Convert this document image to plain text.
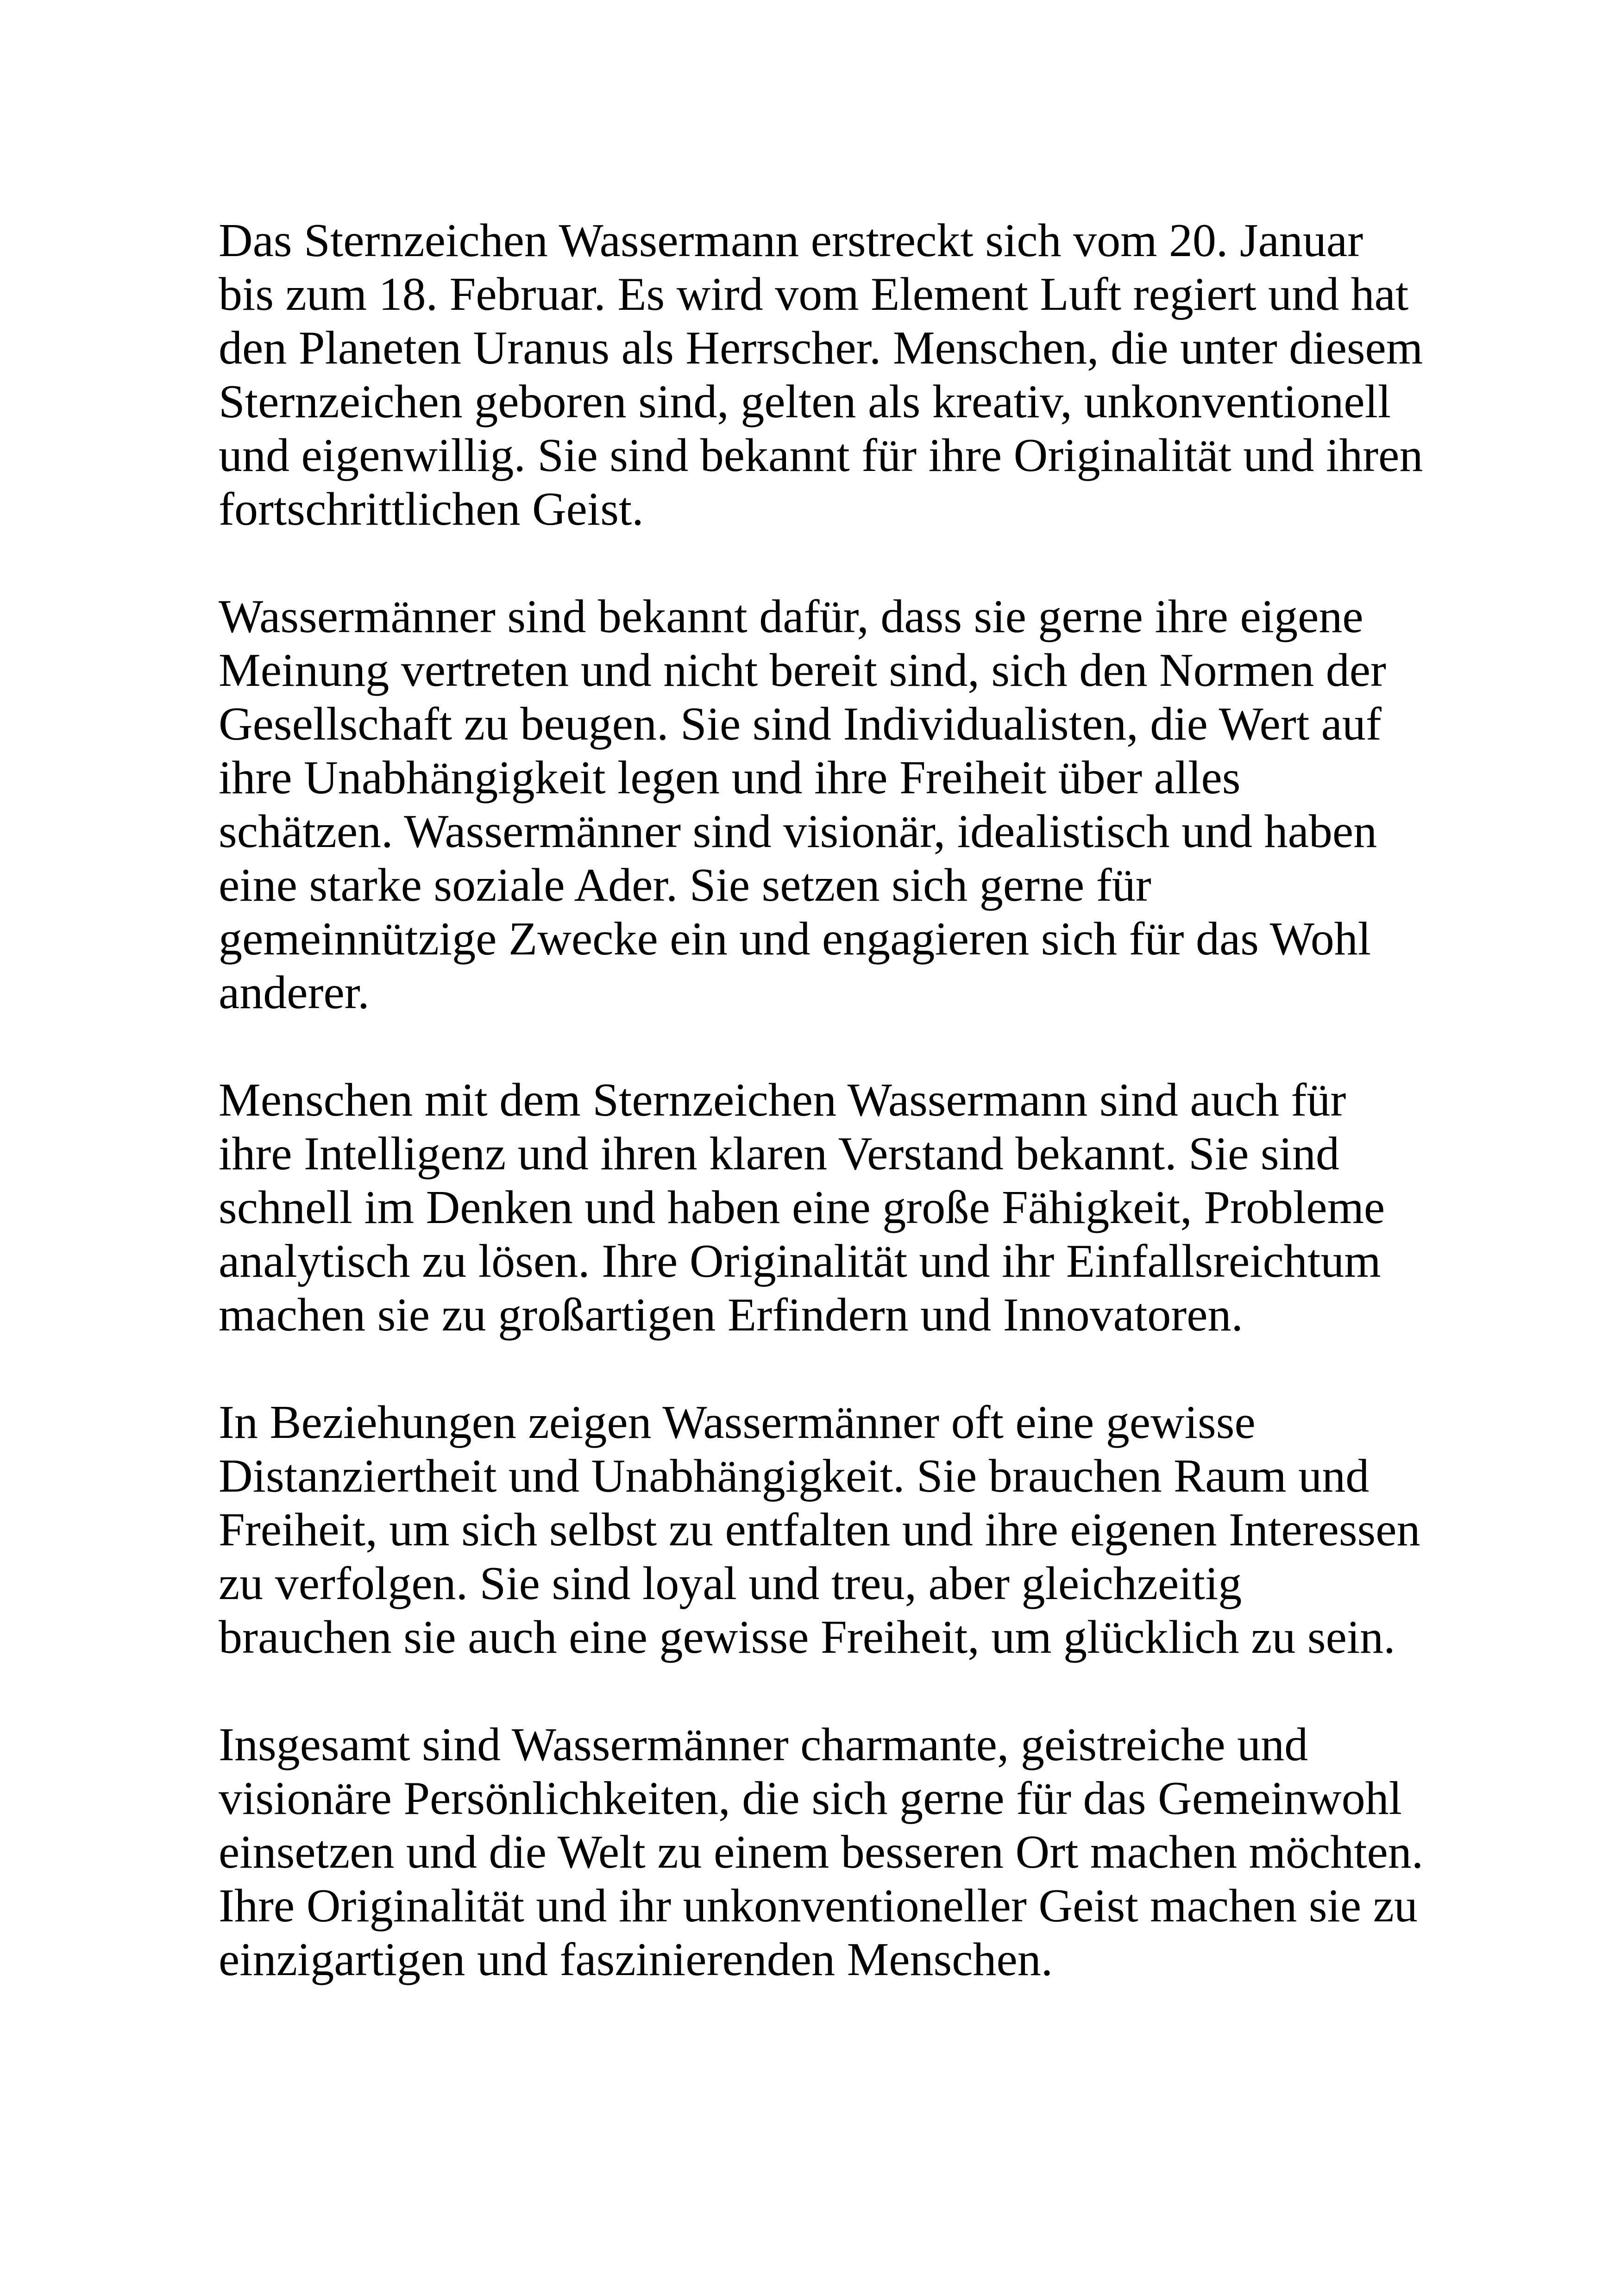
Das Sternzeichen Wassermann erstreckt sich vom 20. Januar
bis zum 18. Februar. Es wird vom Element Luft regiert und hat
den Planeten Uranus als Herrscher. Menschen, die unter diesem
Sternzeichen geboren sind, gelten als kreativ, unkonventionell
und eigenwillig. Sie sind bekannt für ihre Originalität und ihren
fortschrittlichen Geist.

Wassermänner sind bekannt dafür, dass sie gerne ihre eigene
Meinung vertreten und nicht bereit sind, sich den Normen der
Gesellschaft zu beugen. Sie sind Individualisten, die Wert auf
ihre Unabhängigkeit legen und ihre Freiheit über alles
schätzen. Wassermänner sind visionär, idealistisch und haben
eine starke soziale Ader. Sie setzen sich gerne für
gemeinnützige Zwecke ein und engagieren sich für das Wohl
anderer.

Menschen mit dem Sternzeichen Wassermann sind auch für
ihre Intelligenz und ihren klaren Verstand bekannt. Sie sind
schnell im Denken und haben eine große Fähigkeit, Probleme
analytisch zu lösen. Ihre Originalität und ihr Einfallsreichtum
machen sie zu großartigen Erfindern und Innovatoren.

In Beziehungen zeigen Wassermänner oft eine gewisse
Distanziertheit und Unabhängigkeit. Sie brauchen Raum und
Freiheit, um sich selbst zu entfalten und ihre eigenen Interessen
zu verfolgen. Sie sind loyal und treu, aber gleichzeitig
brauchen sie auch eine gewisse Freiheit, um glücklich zu sein.

Insgesamt sind Wassermänner charmante, geistreiche und
visionäre Persönlichkeiten, die sich gerne für das Gemeinwohl
einsetzen und die Welt zu einem besseren Ort machen möchten.
Ihre Originalität und ihr unkonventioneller Geist machen sie zu
einzigartigen und faszinierenden Menschen.
